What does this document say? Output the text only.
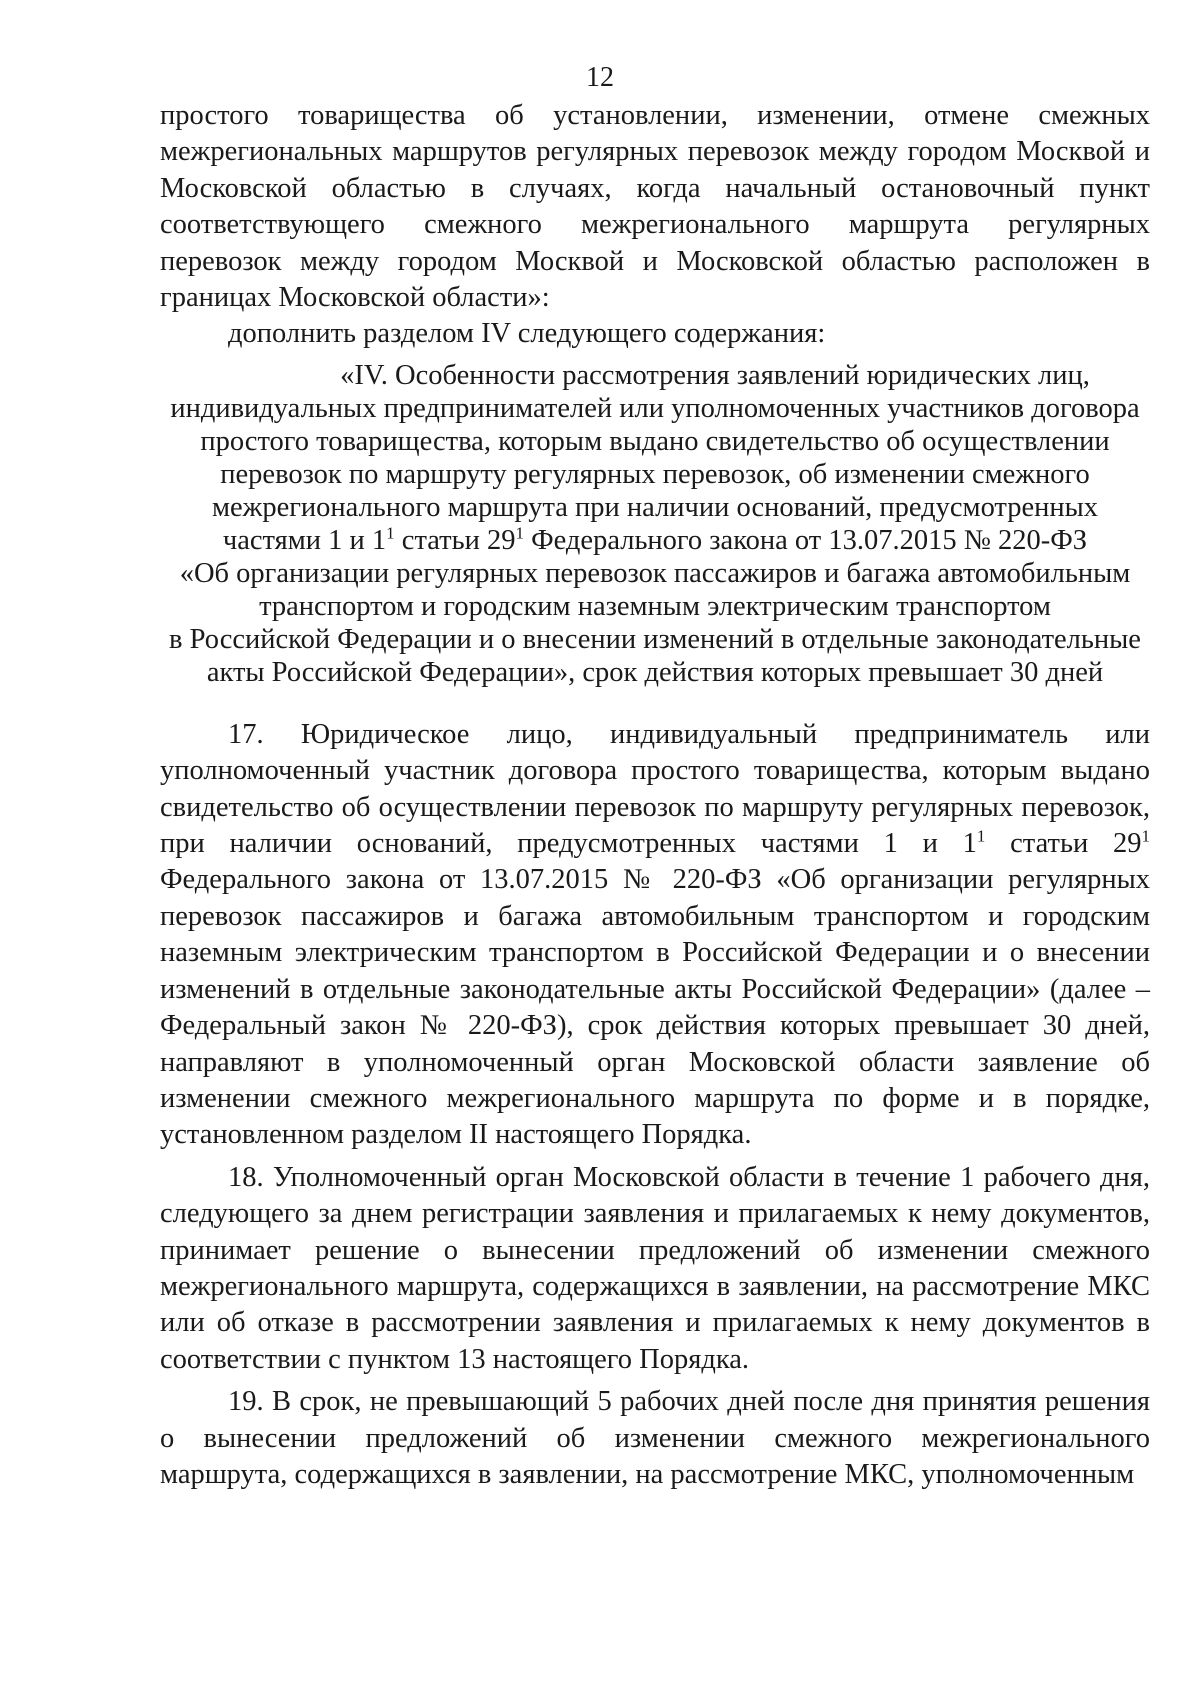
12

простого товарищества об установлении, изменении, отмене смежных межрегиональных маршрутов регулярных перевозок между городом Москвой и Московской областью в случаях, когда начальный остановочный пункт соответствующего смежного межрегионального маршрута регулярных перевозок между городом Москвой и Московской областью расположен в границах Московской области»:

дополнить разделом IV следующего содержания:

«IV. Особенности рассмотрения заявлений юридических лиц,
индивидуальных предпринимателей или уполномоченных участников договора
простого товарищества, которым выдано свидетельство об осуществлении
перевозок по маршруту регулярных перевозок, об изменении смежного
межрегионального маршрута при наличии оснований, предусмотренных
частями 1 и $1^1$ статьи $29^1$ Федерального закона от 13.07.2015 № 220-ФЗ
«Об организации регулярных перевозок пассажиров и багажа автомобильным
транспортом и городским наземным электрическим транспортом
в Российской Федерации и о внесении изменений в отдельные законодательные
акты Российской Федерации», срок действия которых превышает 30 дней

17. Юридическое лицо, индивидуальный предприниматель или уполномоченный участник договора простого товарищества, которым выдано свидетельство об осуществлении перевозок по маршруту регулярных перевозок, при наличии оснований, предусмотренных частями 1 и $1^1$ статьи $29^1$ Федерального закона от 13.07.2015 № 220-ФЗ «Об организации регулярных перевозок пассажиров и багажа автомобильным транспортом и городским наземным электрическим транспортом в Российской Федерации и о внесении изменений в отдельные законодательные акты Российской Федерации» (далее – Федеральный закон № 220-ФЗ), срок действия которых превышает 30 дней, направляют в уполномоченный орган Московской области заявление об изменении смежного межрегионального маршрута по форме и в порядке, установленном разделом II настоящего Порядка.

18. Уполномоченный орган Московской области в течение 1 рабочего дня, следующего за днем регистрации заявления и прилагаемых к нему документов, принимает решение о вынесении предложений об изменении смежного межрегионального маршрута, содержащихся в заявлении, на рассмотрение МКС или об отказе в рассмотрении заявления и прилагаемых к нему документов в соответствии с пунктом 13 настоящего Порядка.

19. В срок, не превышающий 5 рабочих дней после дня принятия решения о вынесении предложений об изменении смежного межрегионального маршрута, содержащихся в заявлении, на рассмотрение МКС, уполномоченным
